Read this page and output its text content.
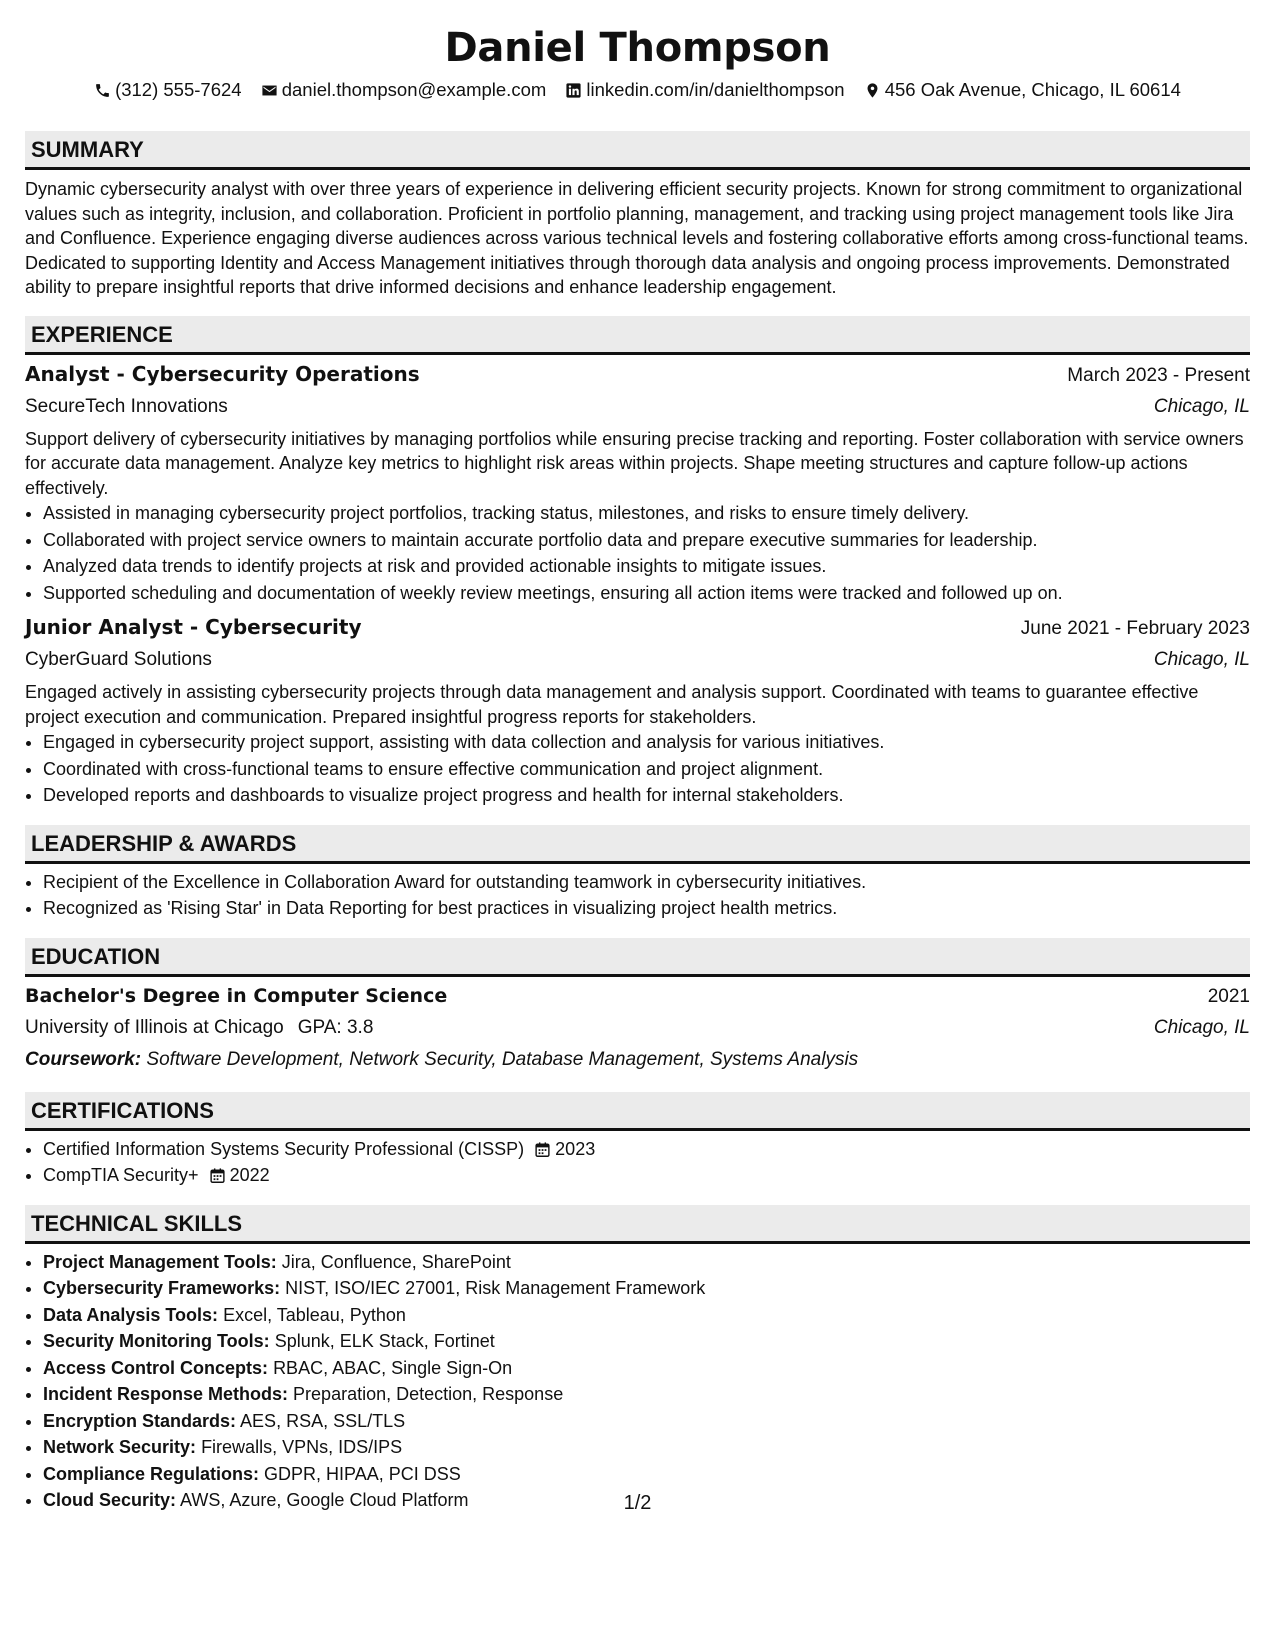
Daniel Thompson
(312) 555-7624 daniel.thompson@example.com linkedin.com/in/danielthompson 456 Oak Avenue, Chicago, IL 60614
SUMMARY
Dynamic cybersecurity analyst with over three years of experience in delivering efficient security projects. Known for strong commitment to organizational values such as integrity, inclusion, and collaboration. Proficient in portfolio planning, management, and tracking using project management tools like Jira and Confluence. Experience engaging diverse audiences across various technical levels and fostering collaborative efforts among cross-functional teams. Dedicated to supporting Identity and Access Management initiatives through thorough data analysis and ongoing process improvements. Demonstrated ability to prepare insightful reports that drive informed decisions and enhance leadership engagement.
EXPERIENCE
Analyst - Cybersecurity Operations	March 2023 - Present
SecureTech Innovations	Chicago, IL
Support delivery of cybersecurity initiatives by managing portfolios while ensuring precise tracking and reporting. Foster collaboration with service owners for accurate data management. Analyze key metrics to highlight risk areas within projects. Shape meeting structures and capture follow-up actions effectively.
• Assisted in managing cybersecurity project portfolios, tracking status, milestones, and risks to ensure timely delivery.
• Collaborated with project service owners to maintain accurate portfolio data and prepare executive summaries for leadership.
• Analyzed data trends to identify projects at risk and provided actionable insights to mitigate issues.
• Supported scheduling and documentation of weekly review meetings, ensuring all action items were tracked and followed up on.
Junior Analyst - Cybersecurity	June 2021 - February 2023
CyberGuard Solutions	Chicago, IL
Engaged actively in assisting cybersecurity projects through data management and analysis support. Coordinated with teams to guarantee effective project execution and communication. Prepared insightful progress reports for stakeholders.
• Engaged in cybersecurity project support, assisting with data collection and analysis for various initiatives.
• Coordinated with cross-functional teams to ensure effective communication and project alignment.
• Developed reports and dashboards to visualize project progress and health for internal stakeholders.
LEADERSHIP & AWARDS
• Recipient of the Excellence in Collaboration Award for outstanding teamwork in cybersecurity initiatives.
• Recognized as 'Rising Star' in Data Reporting for best practices in visualizing project health metrics.
EDUCATION
Bachelor's Degree in Computer Science	2021
University of Illinois at Chicago GPA: 3.8	Chicago, IL
Coursework: Software Development, Network Security, Database Management, Systems Analysis
CERTIFICATIONS
• Certified Information Systems Security Professional (CISSP) 2023
• CompTIA Security+ 2022
TECHNICAL SKILLS
• Project Management Tools: Jira, Confluence, SharePoint
• Cybersecurity Frameworks: NIST, ISO/IEC 27001, Risk Management Framework
• Data Analysis Tools: Excel, Tableau, Python
• Security Monitoring Tools: Splunk, ELK Stack, Fortinet
• Access Control Concepts: RBAC, ABAC, Single Sign-On
• Incident Response Methods: Preparation, Detection, Response
• Encryption Standards: AES, RSA, SSL/TLS
• Network Security: Firewalls, VPNs, IDS/IPS
• Compliance Regulations: GDPR, HIPAA, PCI DSS
• Cloud Security: AWS, Azure, Google Cloud Platform	1/2
